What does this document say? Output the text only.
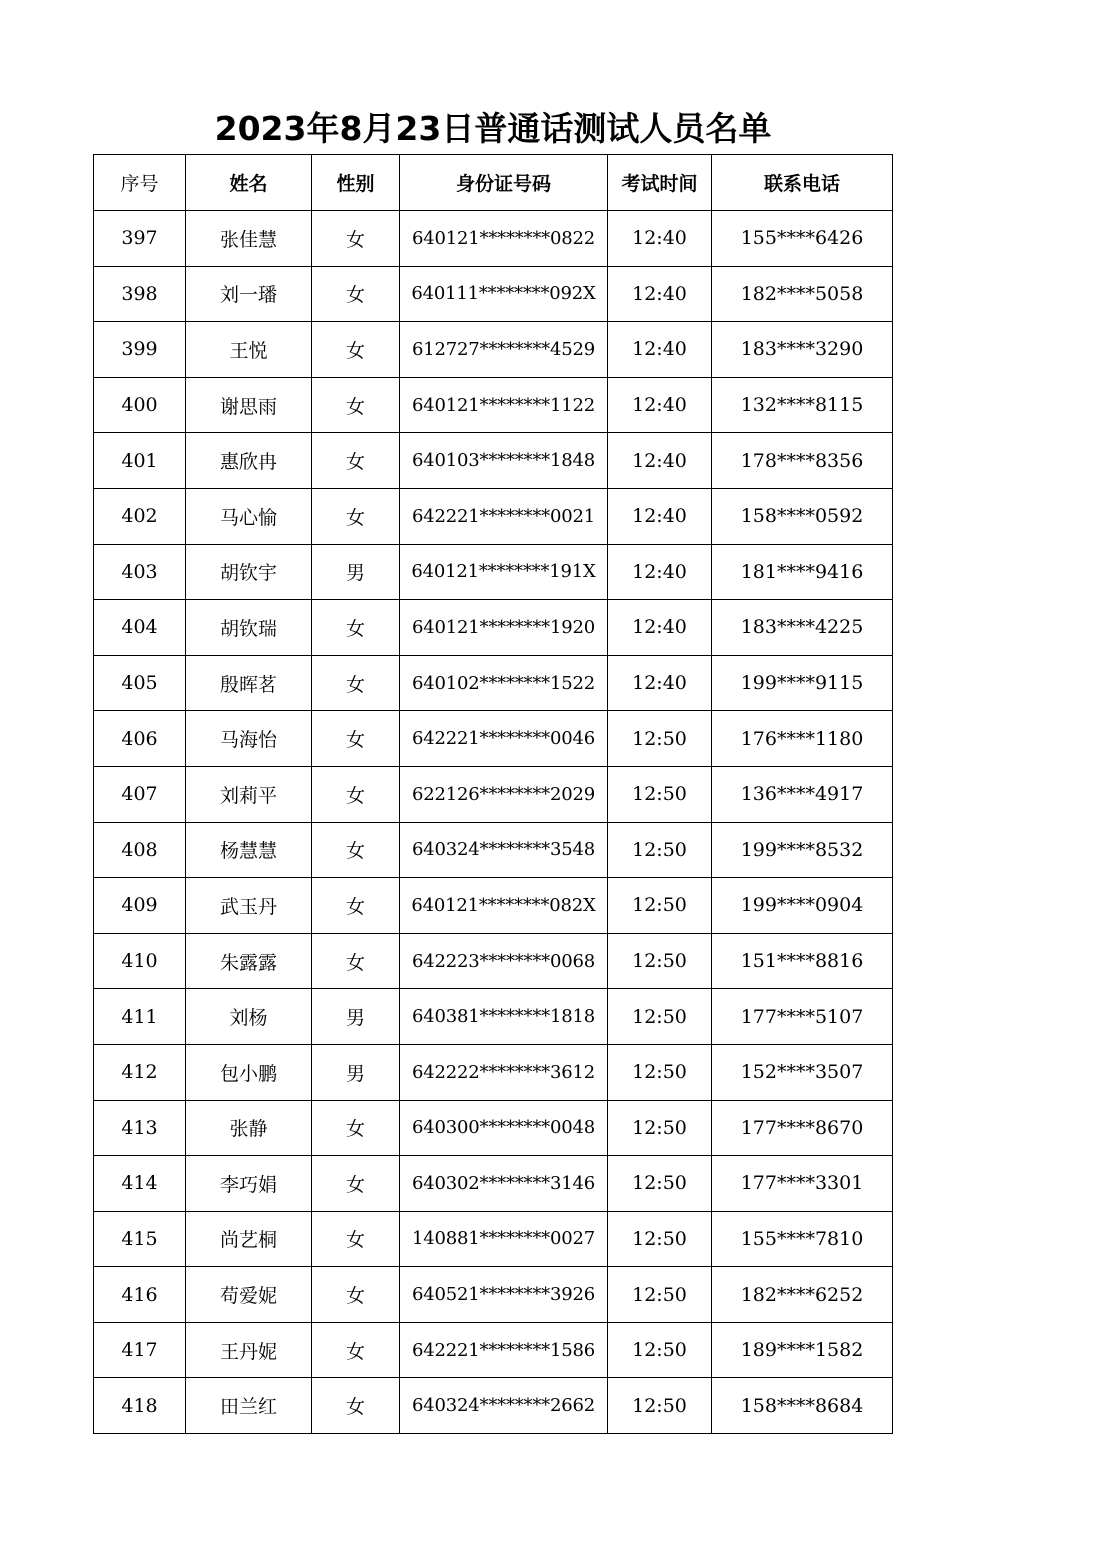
2023年8月23日普通话测试人员名单
序号	姓名	性别	身份证号码	考试时间	联系电话
397	张佳慧	女	640121********0822	12:40	155****6426
398	刘一璠	女	640111********092X	12:40	182****5058
399	王悦	女	612727********4529	12:40	183****3290
400	谢思雨	女	640121********1122	12:40	132****8115
401	惠欣冉	女	640103********1848	12:40	178****8356
402	马心愉	女	642221********0021	12:40	158****0592
403	胡钦宇	男	640121********191X	12:40	181****9416
404	胡钦瑞	女	640121********1920	12:40	183****4225
405	殷晖茗	女	640102********1522	12:40	199****9115
406	马海怡	女	642221********0046	12:50	176****1180
407	刘莉平	女	622126********2029	12:50	136****4917
408	杨慧慧	女	640324********3548	12:50	199****8532
409	武玉丹	女	640121********082X	12:50	199****0904
410	朱露露	女	642223********0068	12:50	151****8816
411	刘杨	男	640381********1818	12:50	177****5107
412	包小鹏	男	642222********3612	12:50	152****3507
413	张静	女	640300********0048	12:50	177****8670
414	李巧娟	女	640302********3146	12:50	177****3301
415	尚艺桐	女	140881********0027	12:50	155****7810
416	苟爱妮	女	640521********3926	12:50	182****6252
417	王丹妮	女	642221********1586	12:50	189****1582
418	田兰红	女	640324********2662	12:50	158****8684
